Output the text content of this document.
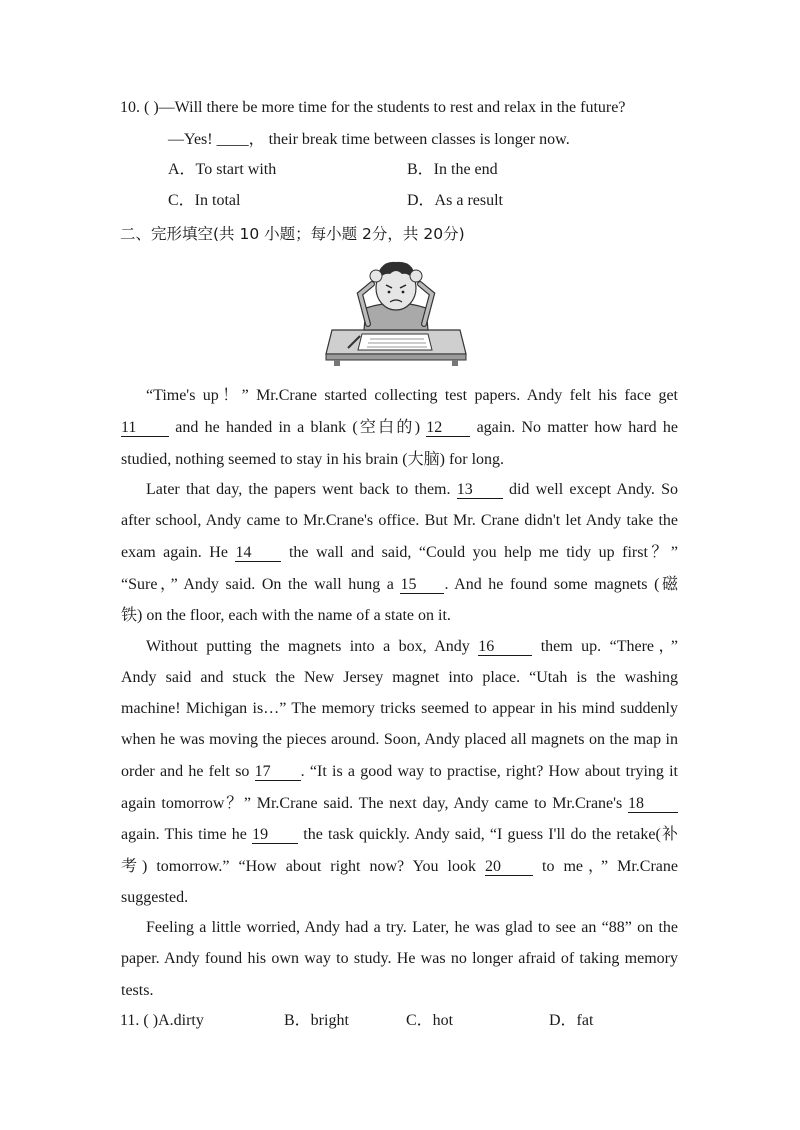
10. ( )—Will there be more time for the students to rest and relax in the future?
—Yes! ____， their break time between classes is longer now.
A．To start with	B．In the end
C．In total	D．As a result
二、完形填空(共 10 小题；每小题 2分，共 20分)
“Time's up！” Mr.Crane started collecting test papers. Andy felt his face get
11 and he handed in a blank (空白的) 12 again. No matter how hard he
studied, nothing seemed to stay in his brain (大脑) for long.
Later that day, the papers went back to them. 13 did well except Andy. So
after school, Andy came to Mr.Crane's office. But Mr. Crane didn't let Andy take the
exam again. He 14 the wall and said, “Could you help me tidy up first？”
“Sure，” Andy said. On the wall hung a 15 . And he found some magnets (磁
铁) on the floor, each with the name of a state on it.
Without putting the magnets into a box, Andy 16	them up. “There，”
Andy said and stuck the New Jersey magnet into place. “Utah is the washing
machine! Michigan is…” The memory tricks seemed to appear in his mind suddenly
when he was moving the pieces around. Soon, Andy placed all magnets on the map in
order and he felt so 17 . “It is a good way to practise, right? How about trying it
again tomorrow？” Mr.Crane said. The next day, Andy came to Mr.Crane's 18
again. This time he 19 the task quickly. Andy said, “I guess I'll do the retake(补
考) tomorrow.” “How about right now? You look 20	to me，” Mr.Crane
suggested.
Feeling a little worried, Andy had a try. Later, he was glad to see an “88” on the
paper. Andy found his own way to study. He was no longer afraid of taking memory
tests.
11. ( )A.dirty	B．bright	C．hot	D．fat
